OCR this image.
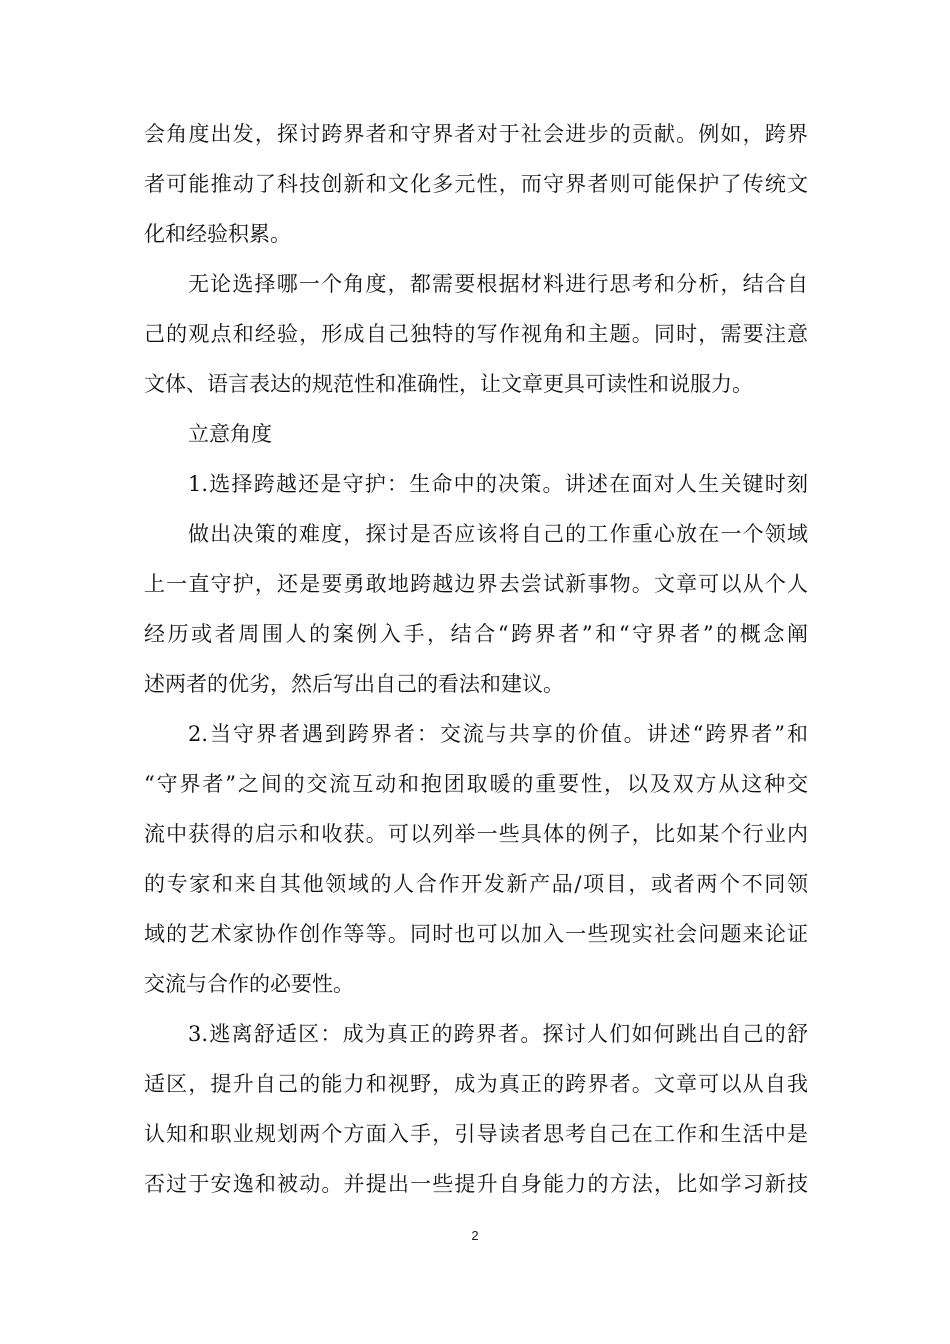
会角度出发，探讨跨界者和守界者对于社会进步的贡献。例如，跨界
者可能推动了科技创新和文化多元性，而守界者则可能保护了传统文
化和经验积累。
无论选择哪一个角度，都需要根据材料进行思考和分析，结合自
己的观点和经验，形成自己独特的写作视角和主题。同时，需要注意
文体、语言表达的规范性和准确性，让文章更具可读性和说服力。
立意角度
1.选择跨越还是守护：生命中的决策。讲述在面对人生关键时刻
做出决策的难度，探讨是否应该将自己的工作重心放在一个领域
上一直守护，还是要勇敢地跨越边界去尝试新事物。文章可以从个人
经历或者周围人的案例入手，结合“跨界者”和“守界者”的概念阐
述两者的优劣，然后写出自己的看法和建议。
2.当守界者遇到跨界者：交流与共享的价值。讲述“跨界者”和
“守界者”之间的交流互动和抱团取暖的重要性，以及双方从这种交
流中获得的启示和收获。可以列举一些具体的例子，比如某个行业内
的专家和来自其他领域的人合作开发新产品/项目，或者两个不同领
域的艺术家协作创作等等。同时也可以加入一些现实社会问题来论证
交流与合作的必要性。
3.逃离舒适区：成为真正的跨界者。探讨人们如何跳出自己的舒
适区，提升自己的能力和视野，成为真正的跨界者。文章可以从自我
认知和职业规划两个方面入手，引导读者思考自己在工作和生活中是
否过于安逸和被动。并提出一些提升自身能力的方法，比如学习新技
2
